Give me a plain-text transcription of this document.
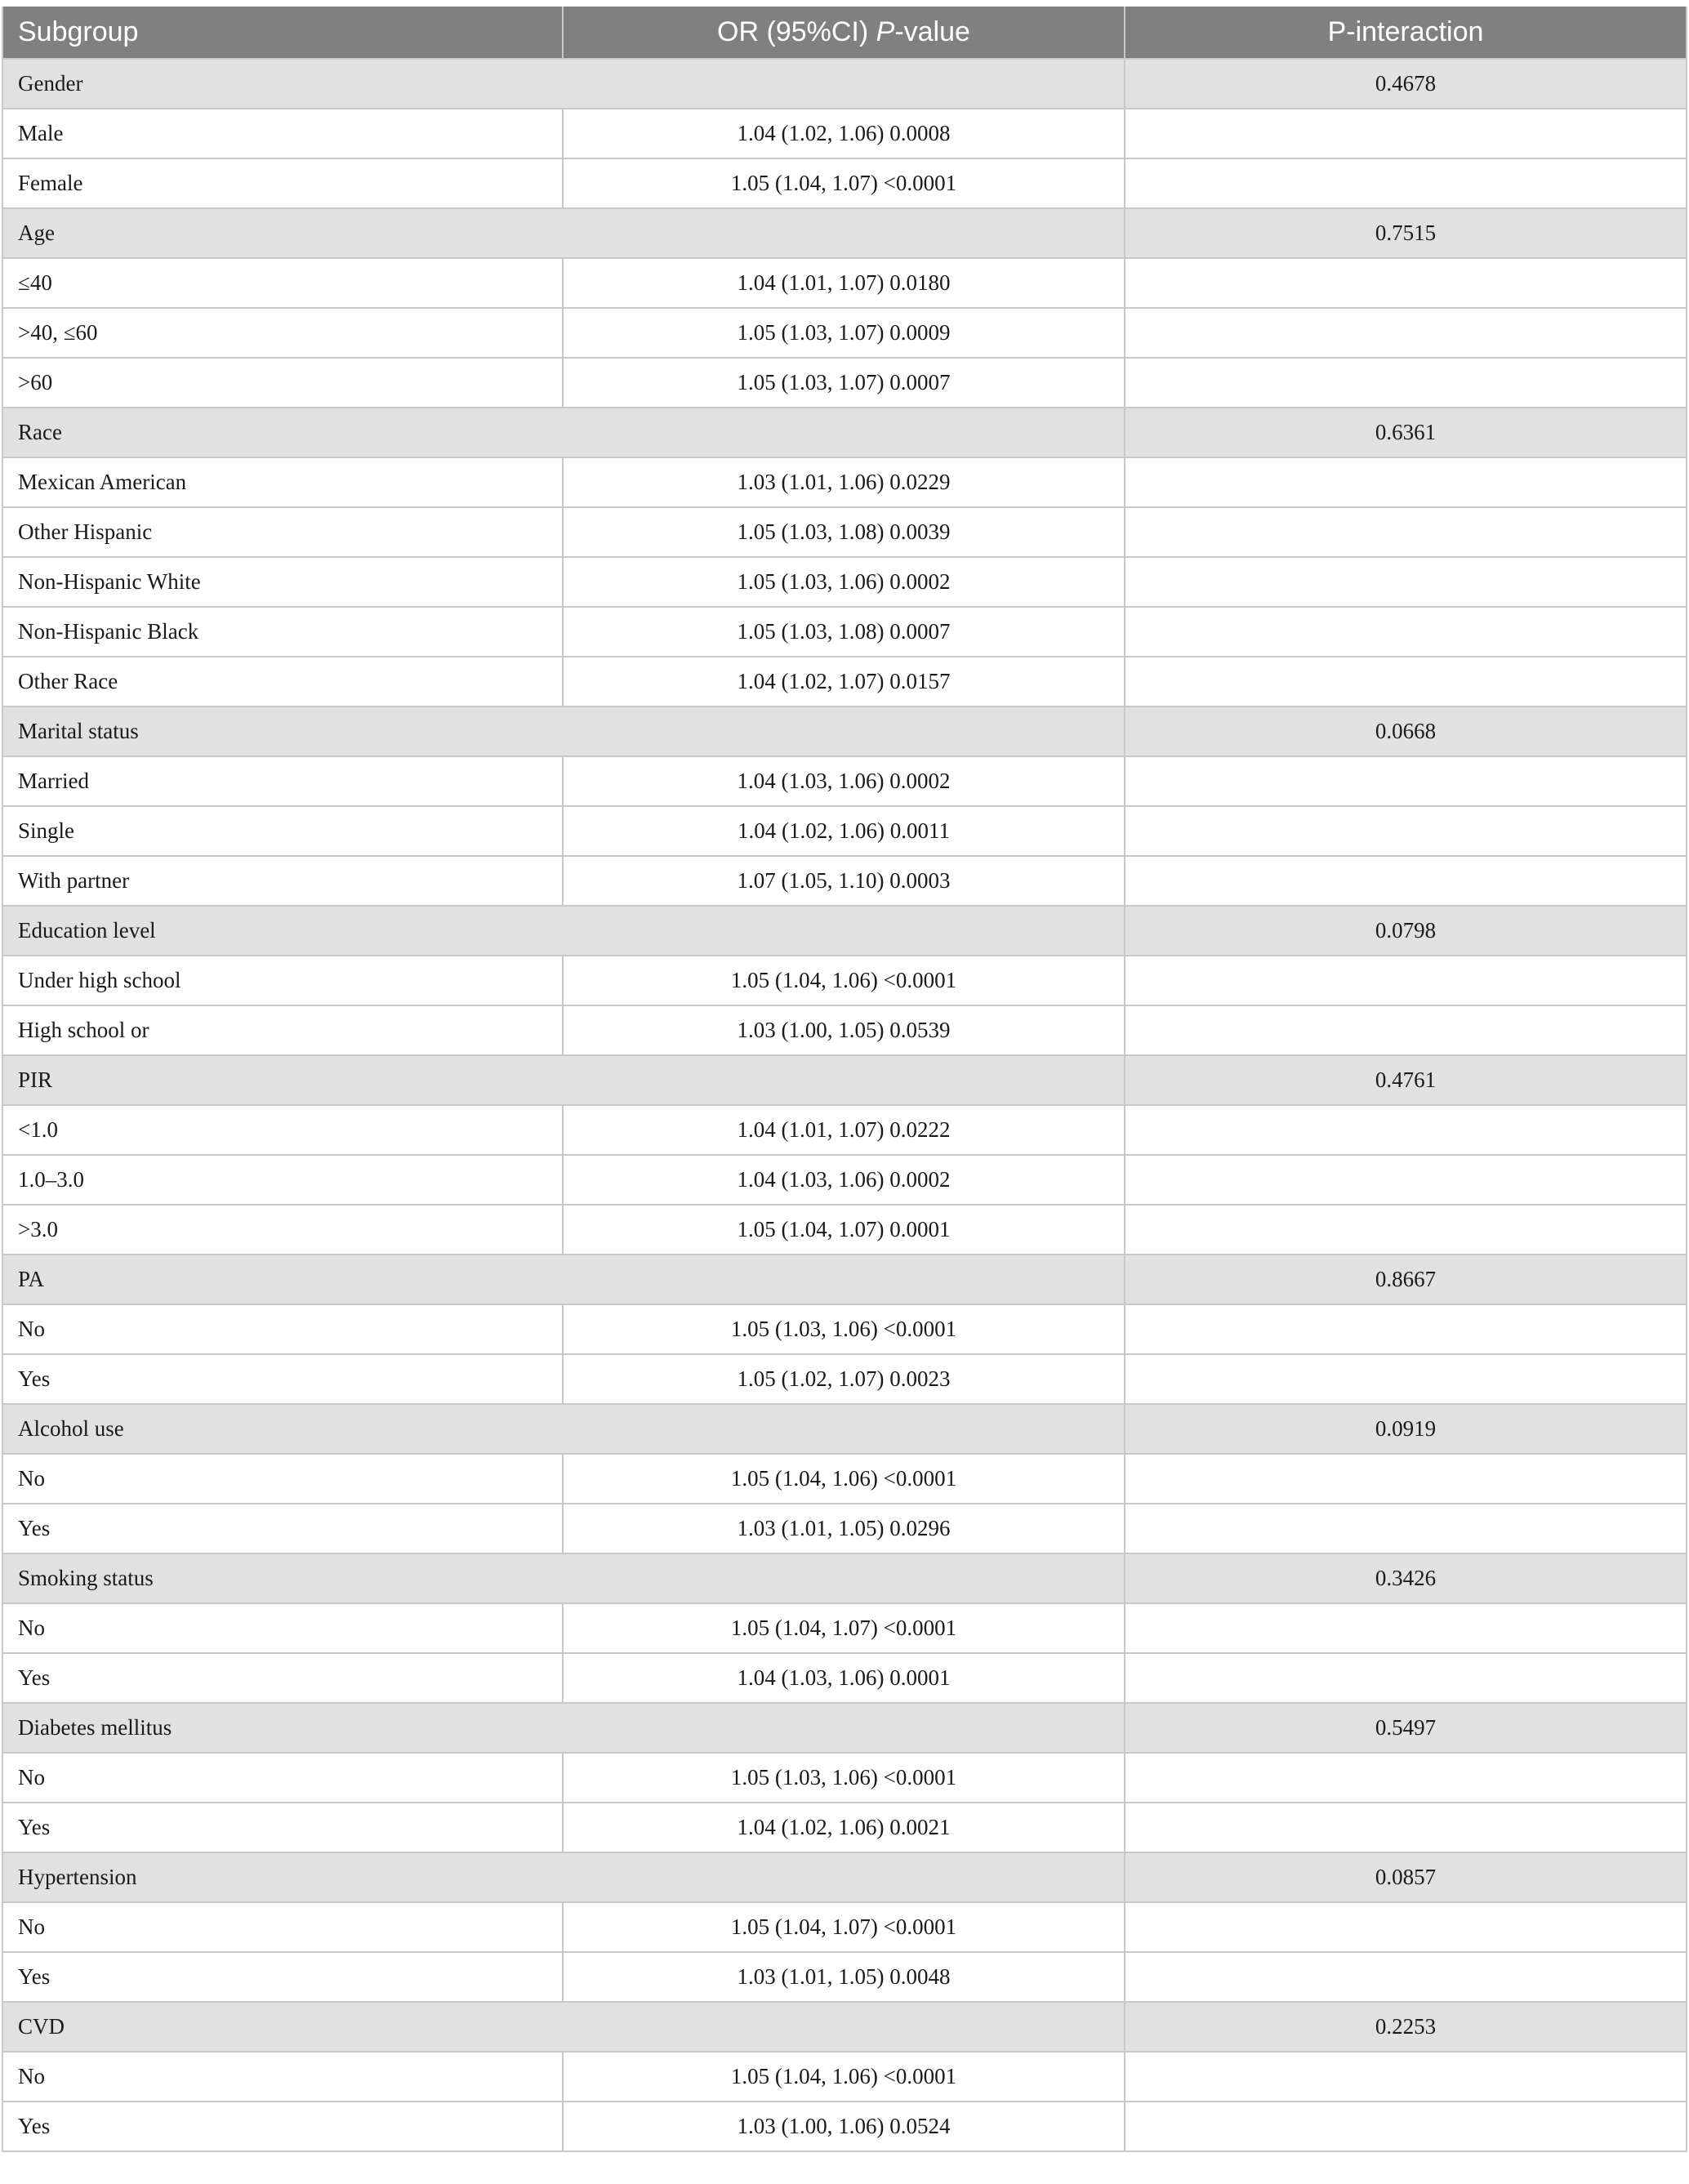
Subgroup	OR (95%CI) P-value	P-interaction
Gender		0.4678
Male	1.04 (1.02, 1.06) 0.0008	
Female	1.05 (1.04, 1.07) <0.0001	
Age		0.7515
≤40	1.04 (1.01, 1.07) 0.0180	
>40, ≤60	1.05 (1.03, 1.07) 0.0009	
>60	1.05 (1.03, 1.07) 0.0007	
Race		0.6361
Mexican American	1.03 (1.01, 1.06) 0.0229	
Other Hispanic	1.05 (1.03, 1.08) 0.0039	
Non-Hispanic White	1.05 (1.03, 1.06) 0.0002	
Non-Hispanic Black	1.05 (1.03, 1.08) 0.0007	
Other Race	1.04 (1.02, 1.07) 0.0157	
Marital status		0.0668
Married	1.04 (1.03, 1.06) 0.0002	
Single	1.04 (1.02, 1.06) 0.0011	
With partner	1.07 (1.05, 1.10) 0.0003	
Education level		0.0798
Under high school	1.05 (1.04, 1.06) <0.0001	
High school or	1.03 (1.00, 1.05) 0.0539	
PIR		0.4761
<1.0	1.04 (1.01, 1.07) 0.0222	
1.0–3.0	1.04 (1.03, 1.06) 0.0002	
>3.0	1.05 (1.04, 1.07) 0.0001	
PA		0.8667
No	1.05 (1.03, 1.06) <0.0001	
Yes	1.05 (1.02, 1.07) 0.0023	
Alcohol use		0.0919
No	1.05 (1.04, 1.06) <0.0001	
Yes	1.03 (1.01, 1.05) 0.0296	
Smoking status		0.3426
No	1.05 (1.04, 1.07) <0.0001	
Yes	1.04 (1.03, 1.06) 0.0001	
Diabetes mellitus		0.5497
No	1.05 (1.03, 1.06) <0.0001	
Yes	1.04 (1.02, 1.06) 0.0021	
Hypertension		0.0857
No	1.05 (1.04, 1.07) <0.0001	
Yes	1.03 (1.01, 1.05) 0.0048	
CVD		0.2253
No	1.05 (1.04, 1.06) <0.0001	
Yes	1.03 (1.00, 1.06) 0.0524	
